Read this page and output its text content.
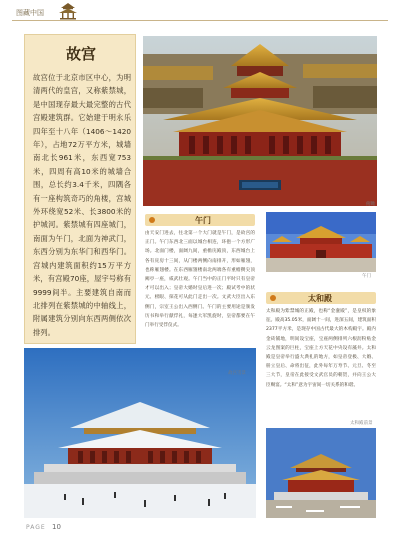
图藏中国
故宫
故宫位于北京市区中心，为明清两代的皇宫，又称紫禁城，是中国现存最大最完整的古代宫殿建筑群。它始建于明永乐四年至十八年（1406～1420年），占地72万平方米，城墙南北长961米，东西宽753米，四周有高10米的城墙合围，总长约3.4千米，四隅各有一座构筑奇巧的角楼，宫城外环绕宽52米、长3800米的护城河。紫禁城有四座城门，南面为午门，北面为神武门，东西分别为东华门和西华门。宫城内建筑面积约15万平方米，有宫殿70座，屋宇号称有9999间半。主要建筑自南而北排列在紫禁城的中轴线上，附属建筑分别向东西两侧依次排列。
俯瞰
午门
由天安门进去，往北第一个大门就是午门，是故宫的正门。午门东西北三面以城台相连，环抱一个方形广场。北面门楼，面阔九间，重檐庑殿顶，东西城台上各有庑房十三间，从门楼两侧向南排开，形如雁翅，也称雁翅楼。在东西雁翅楼南北两端各有重檐攒尖顶阙亭一座，威武壮观。午门当中的正门平时只有皇帝才可以出入；皇帝大婚时皇后进一次；殿试考中的状元、榜眼、探花可从此门走出一次。文武大臣出入东侧门，宗室王公出入西侧门。午门的主要用途是颁发历书和举行献俘礼，每逢大军凯旋时，皇帝都要在午门举行受俘仪式。
午门
太和殿
太和殿为紫禁城的正殿，也称“金銮殿”，是皇权的象征。殿高35.05米，面阔十一间，进深五间，建筑面积2377平方米，是现存中国古代最大的木构殿宇。殿内金砖铺地，明间设宝座，宝座两侧排列六根沥粉贴金云龙图案的巨柱，宝座上方天花中央设有藻井。太和殿是皇帝举行盛大典礼的地方，如皇帝登极、大婚、册立皇后、命将出征，此外每年万寿节、元旦、冬至三大节，皇帝在此接受文武官员的朝贺，并向王公大臣赐宴。“太和”意为宇宙间一切关系的和谐。
故宫雪景
太和殿前景
PAGE 10
